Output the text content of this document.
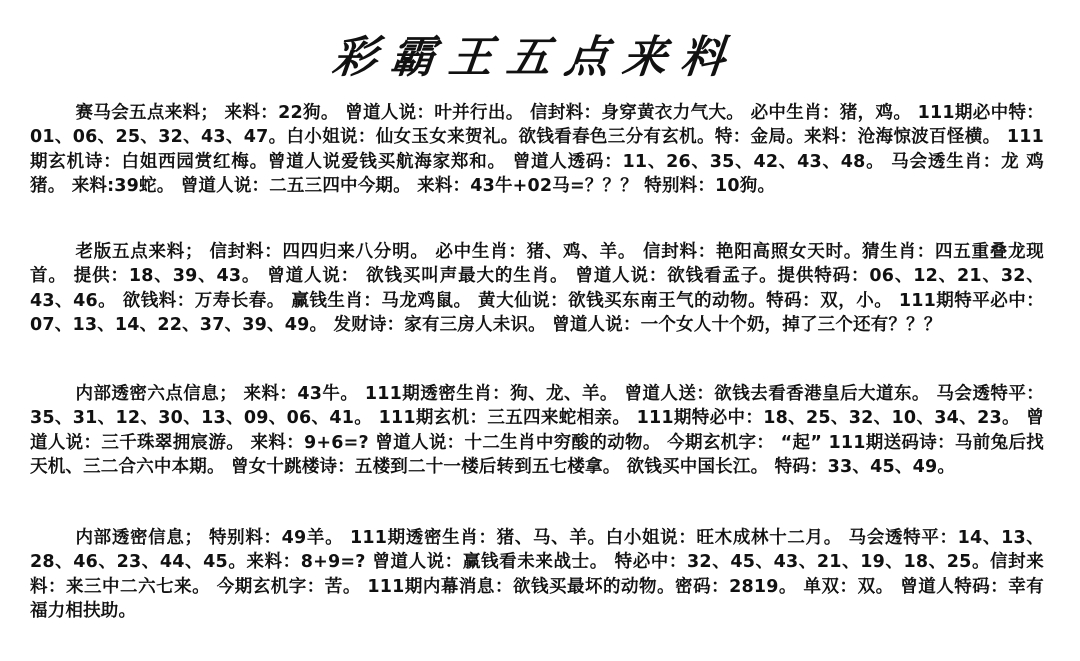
彩霸王五点来料

赛马会五点来料； 来料：22狗。 曾道人说：叶并行出。 信封料：身穿黄衣力气大。 必中生肖：猪，鸡。 111期必中特：01、06、25、32、43、47。白小姐说：仙女玉女来贺礼。欲钱看春色三分有玄机。特：金局。来料：沧海惊波百怪横。 111期玄机诗：白姐西园赏红梅。曾道人说爱钱买航海家郑和。 曾道人透码：11、26、35、42、43、48。 马会透生肖：龙 鸡 猪。 来料:39蛇。 曾道人说：二五三四中今期。 来料：43牛+02马=？？？ 特别料：10狗。

老版五点来料； 信封料：四四归来八分明。 必中生肖：猪、鸡、羊。 信封料：艳阳高照女天时。猜生肖：四五重叠龙现首。 提供：18、39、43。 曾道人说： 欲钱买叫声最大的生肖。 曾道人说：欲钱看孟子。提供特码：06、12、21、32、43、46。 欲钱料：万寿长春。 赢钱生肖：马龙鸡鼠。 黄大仙说：欲钱买东南王气的动物。特码：双，小。 111期特平必中：07、13、14、22、37、39、49。 发财诗：家有三房人未识。 曾道人说：一个女人十个奶，掉了三个还有？？？

内部透密六点信息； 来料：43牛。 111期透密生肖：狗、龙、羊。 曾道人送：欲钱去看香港皇后大道东。 马会透特平：35、31、12、30、13、09、06、41。 111期玄机：三五四来蛇相亲。 111期特必中：18、25、32、10、34、23。 曾道人说：三千珠翠拥宸游。 来料：9+6=? 曾道人说：十二生肖中穷酸的动物。 今期玄机字： “起” 111期送码诗：马前兔后找天机、三二合六中本期。 曾女十跳楼诗：五楼到二十一楼后转到五七楼拿。 欲钱买中国长江。 特码：33、45、49。

内部透密信息； 特别料：49羊。 111期透密生肖：猪、马、羊。白小姐说：旺木成林十二月。 马会透特平：14、13、28、46、23、44、45。来料：8+9=? 曾道人说：赢钱看未来战士。 特必中：32、45、43、21、19、18、25。信封来料：来三中二六七来。 今期玄机字：苦。 111期内幕消息：欲钱买最坏的动物。密码：2819。 单双：双。 曾道人特码：幸有福力相扶助。
